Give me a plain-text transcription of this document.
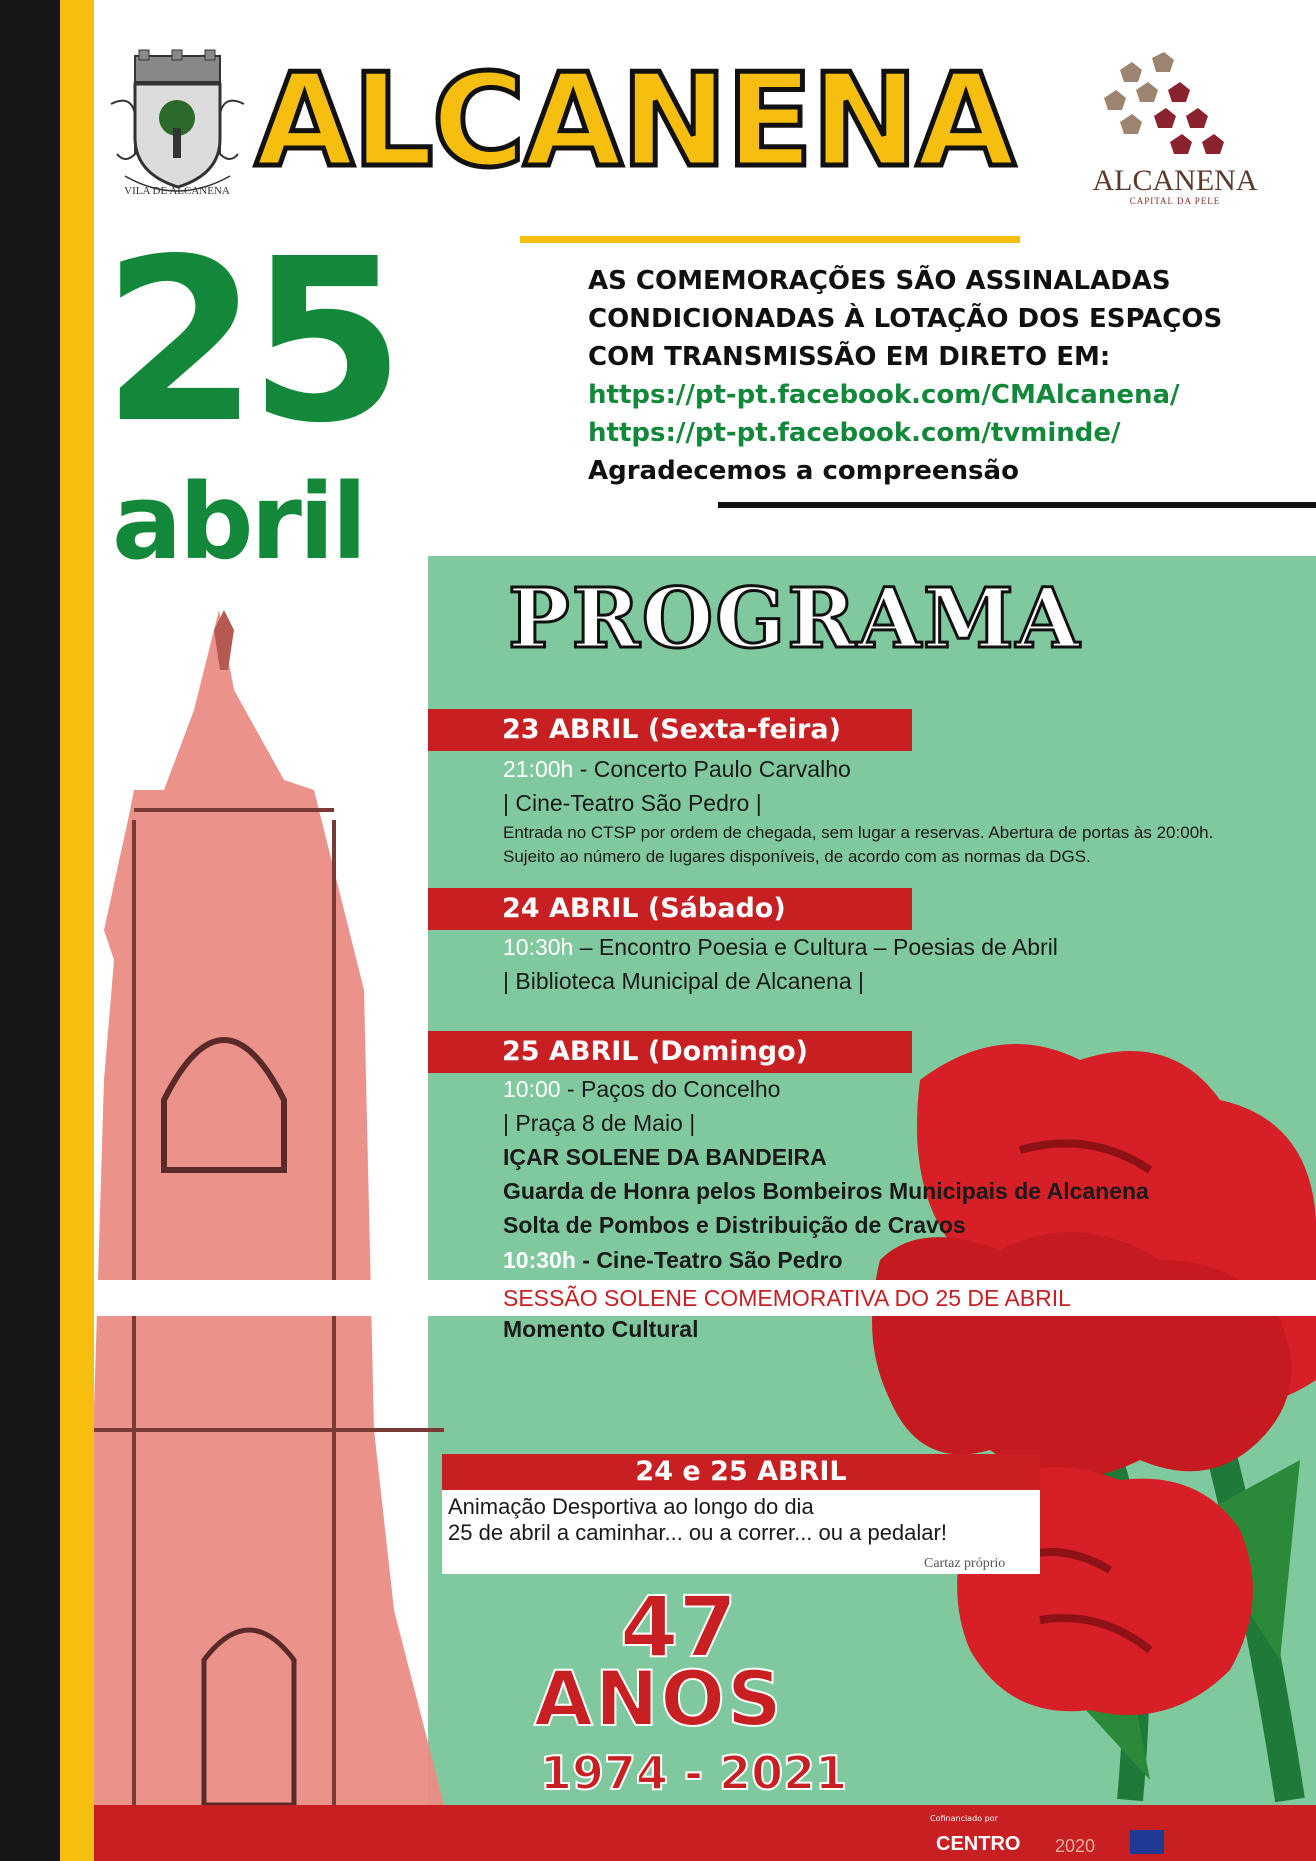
VILA DE ALCANENA ALCANENA	ALCANENA
CAPITAL DA PELE
25
abril
AS COMEMORAÇÕES SÃO ASSINALADAS
CONDICIONADAS À LOTAÇÃO DOS ESPAÇOS
COM TRANSMISSÃO EM DIRETO EM:
https://pt-pt.facebook.com/CMAlcanena/
https://pt-pt.facebook.com/tvminde/
Agradecemos a compreensão
PROGRAMA
23 ABRIL (Sexta-feira)
21:00h - Concerto Paulo Carvalho
| Cine-Teatro São Pedro |
Entrada no CTSP por ordem de chegada, sem lugar a reservas. Abertura de portas às 20:00h.
Sujeito ao número de lugares disponíveis, de acordo com as normas da DGS.
24 ABRIL (Sábado)
10:30h – Encontro Poesia e Cultura – Poesias de Abril
| Biblioteca Municipal de Alcanena |
25 ABRIL (Domingo)
10:00 - Paços do Concelho
| Praça 8 de Maio |
IÇAR SOLENE DA BANDEIRA
Guarda de Honra pelos Bombeiros Municipais de Alcanena
Solta de Pombos e Distribuição de Cravos
10:30h - Cine-Teatro São Pedro
SESSÃO SOLENE COMEMORATIVA DO 25 DE ABRIL
Momento Cultural
24 e 25 ABRIL
Animação Desportiva ao longo do dia
25 de abril a caminhar... ou a correr... ou a pedalar!
Cartaz próprio
47
ANOS
1974 - 2021
Cofinanciado por
CENTRO 2020
